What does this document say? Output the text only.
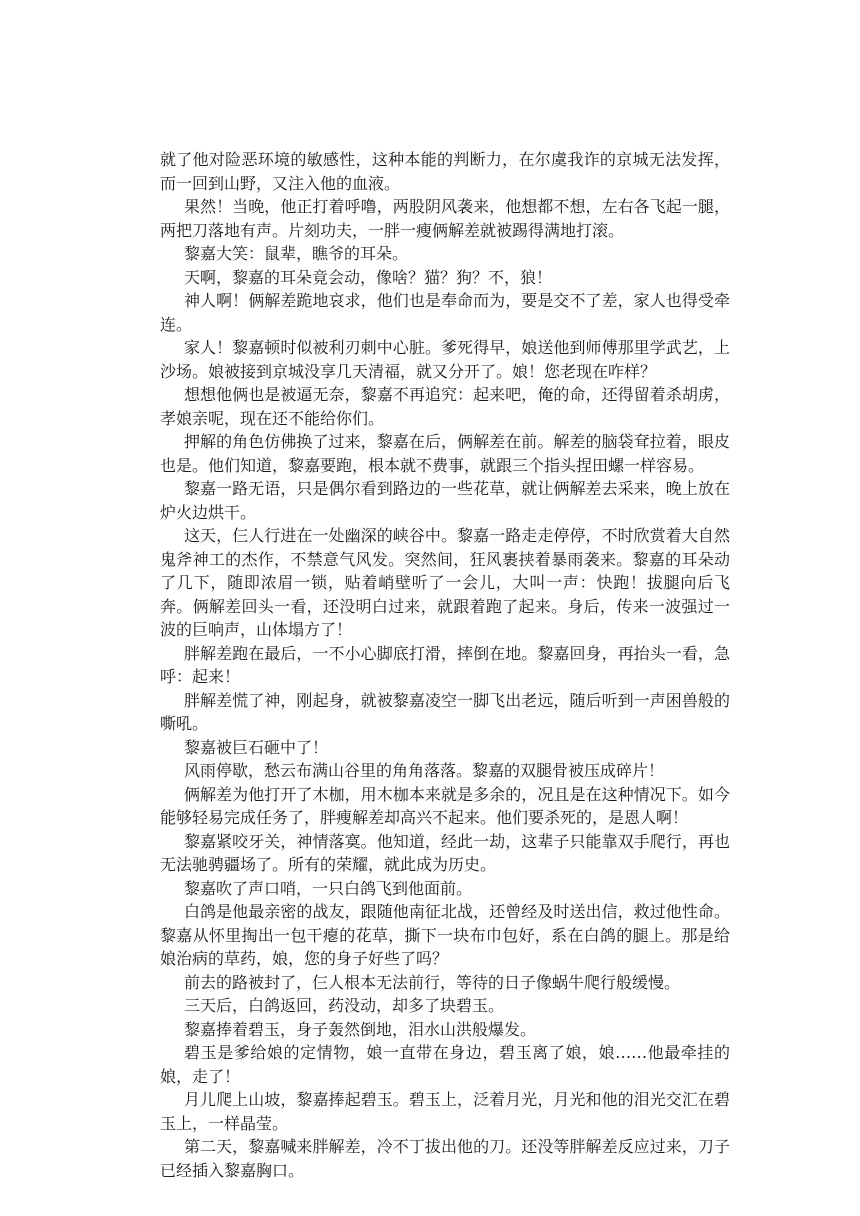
就了他对险恶环境的敏感性，这种本能的判断力，在尔虞我诈的京城无法发挥，而一回到山野，又注入他的血液。

果然！当晚，他正打着呼噜，两股阴风袭来，他想都不想，左右各飞起一腿，两把刀落地有声。片刻功夫，一胖一瘦俩解差就被踢得满地打滚。

黎嘉大笑：鼠辈，瞧爷的耳朵。

天啊，黎嘉的耳朵竟会动，像啥？猫？狗？不，狼！

神人啊！俩解差跪地哀求，他们也是奉命而为，要是交不了差，家人也得受牵连。

家人！黎嘉顿时似被利刃刺中心脏。爹死得早，娘送他到师傅那里学武艺，上沙场。娘被接到京城没享几天清福，就又分开了。娘！您老现在咋样？

想想他俩也是被逼无奈，黎嘉不再追究：起来吧，俺的命，还得留着杀胡虏，孝娘亲呢，现在还不能给你们。

押解的角色仿佛换了过来，黎嘉在后，俩解差在前。解差的脑袋耷拉着，眼皮也是。他们知道，黎嘉要跑，根本就不费事，就跟三个指头捏田螺一样容易。

黎嘉一路无语，只是偶尔看到路边的一些花草，就让俩解差去采来，晚上放在炉火边烘干。

这天，仨人行进在一处幽深的峡谷中。黎嘉一路走走停停，不时欣赏着大自然鬼斧神工的杰作，不禁意气风发。突然间，狂风裹挟着暴雨袭来。黎嘉的耳朵动了几下，随即浓眉一锁，贴着峭壁听了一会儿，大叫一声：快跑！拔腿向后飞奔。俩解差回头一看，还没明白过来，就跟着跑了起来。身后，传来一波强过一波的巨响声，山体塌方了！

胖解差跑在最后，一不小心脚底打滑，摔倒在地。黎嘉回身，再抬头一看，急呼：起来！

胖解差慌了神，刚起身，就被黎嘉凌空一脚飞出老远，随后听到一声困兽般的嘶吼。

黎嘉被巨石砸中了！

风雨停歇，愁云布满山谷里的角角落落。黎嘉的双腿骨被压成碎片！

俩解差为他打开了木枷，用木枷本来就是多余的，况且是在这种情况下。如今能够轻易完成任务了，胖瘦解差却高兴不起来。他们要杀死的，是恩人啊！

黎嘉紧咬牙关，神情落寞。他知道，经此一劫，这辈子只能靠双手爬行，再也无法驰骋疆场了。所有的荣耀，就此成为历史。

黎嘉吹了声口哨，一只白鸽飞到他面前。

白鸽是他最亲密的战友，跟随他南征北战，还曾经及时送出信，救过他性命。黎嘉从怀里掏出一包干瘪的花草，撕下一块布巾包好，系在白鸽的腿上。那是给娘治病的草药，娘，您的身子好些了吗？

前去的路被封了，仨人根本无法前行，等待的日子像蜗牛爬行般缓慢。

三天后，白鸽返回，药没动，却多了块碧玉。

黎嘉捧着碧玉，身子轰然倒地，泪水山洪般爆发。

碧玉是爹给娘的定情物，娘一直带在身边，碧玉离了娘，娘……他最牵挂的娘，走了！

月儿爬上山坡，黎嘉捧起碧玉。碧玉上，泛着月光，月光和他的泪光交汇在碧玉上，一样晶莹。

第二天，黎嘉喊来胖解差，冷不丁拔出他的刀。还没等胖解差反应过来，刀子已经插入黎嘉胸口。
